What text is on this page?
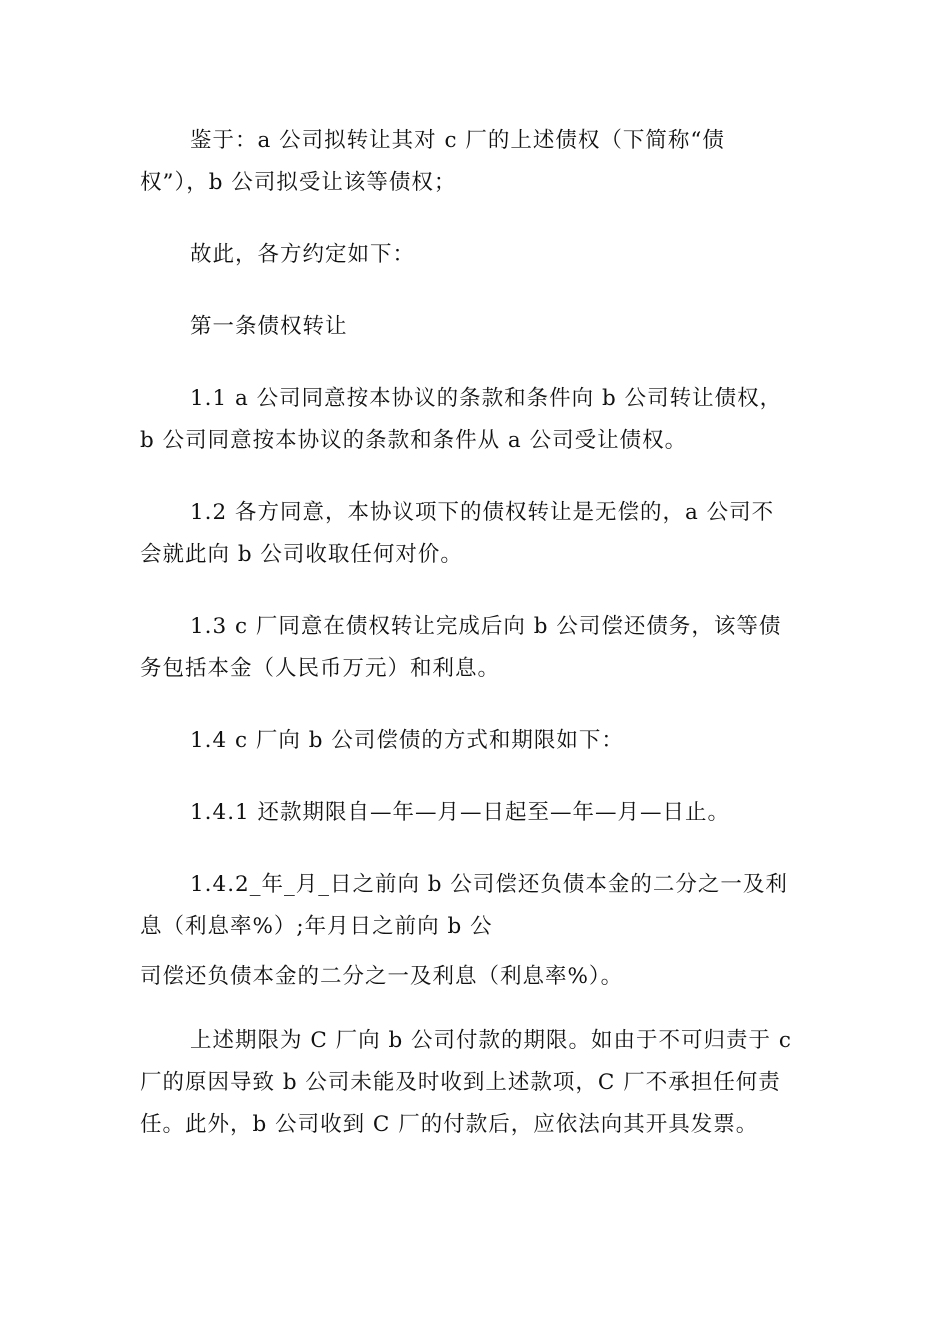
鉴于：a 公司拟转让其对 c 厂的上述债权（下简称“债
权”），b 公司拟受让该等债权；
故此，各方约定如下：
第一条债权转让
1.1 a 公司同意按本协议的条款和条件向 b 公司转让债权，
b 公司同意按本协议的条款和条件从 a 公司受让债权。
1.2 各方同意，本协议项下的债权转让是无偿的，a 公司不
会就此向 b 公司收取任何对价。
1.3 c 厂同意在债权转让完成后向 b 公司偿还债务，该等债
务包括本金（人民币万元）和利息。
1.4 c 厂向 b 公司偿债的方式和期限如下：
1.4.1 还款期限自—年—月—日起至—年—月—日止。
1.4.2_年_月_日之前向 b 公司偿还负债本金的二分之一及利
息（利息率%）;年月日之前向 b 公
司偿还负债本金的二分之一及利息（利息率%）。
上述期限为 C 厂向 b 公司付款的期限。如由于不可归责于 c
厂的原因导致 b 公司未能及时收到上述款项，C 厂不承担任何责
任。此外，b 公司收到 C 厂的付款后，应依法向其开具发票。
